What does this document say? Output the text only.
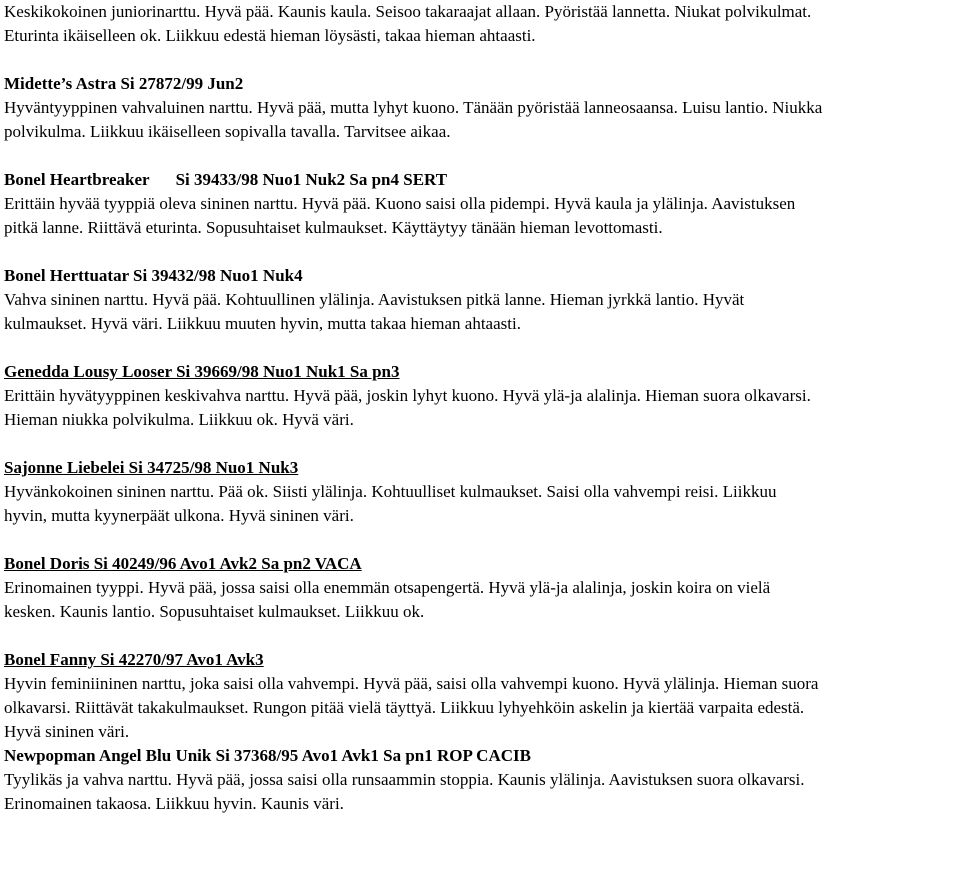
Keskikokoinen juniorinarttu. Hyvä pää. Kaunis kaula. Seisoo takaraajat allaan. Pyöristää lannetta. Niukat polvikulmat.

Eturinta ikäiselleen ok. Liikkuu edestä hieman löysästi, takaa hieman ahtaasti.

Midette’s Astra Si 27872/99 Jun2

Hyväntyyppinen vahvaluinen narttu. Hyvä pää, mutta lyhyt kuono. Tänään pyöristää lanneosaansa. Luisu lantio. Niukka

polvikulma. Liikkuu ikäiselleen sopivalla tavalla. Tarvitsee aikaa.

Bonel Heartbreaker Si 39433/98 Nuo1 Nuk2 Sa pn4 SERT

Erittäin hyvää tyyppiä oleva sininen narttu. Hyvä pää. Kuono saisi olla pidempi. Hyvä kaula ja ylälinja. Aavistuksen

pitkä lanne. Riittävä eturinta. Sopusuhtaiset kulmaukset. Käyttäytyy tänään hieman levottomasti.

Bonel Herttuatar Si 39432/98 Nuo1 Nuk4

Vahva sininen narttu. Hyvä pää. Kohtuullinen ylälinja. Aavistuksen pitkä lanne. Hieman jyrkkä lantio. Hyvät

kulmaukset. Hyvä väri. Liikkuu muuten hyvin, mutta takaa hieman ahtaasti.

Genedda Lousy Looser Si 39669/98 Nuo1 Nuk1 Sa pn3

Erittäin hyvätyyppinen keskivahva narttu. Hyvä pää, joskin lyhyt kuono. Hyvä ylä-ja alalinja. Hieman suora olkavarsi.

Hieman niukka polvikulma. Liikkuu ok. Hyvä väri.

Sajonne Liebelei Si 34725/98 Nuo1 Nuk3

Hyvänkokoinen sininen narttu. Pää ok. Siisti ylälinja. Kohtuulliset kulmaukset. Saisi olla vahvempi reisi. Liikkuu

hyvin, mutta kyynerpäät ulkona. Hyvä sininen väri.

Bonel Doris Si 40249/96 Avo1 Avk2 Sa pn2 VACA

Erinomainen tyyppi. Hyvä pää, jossa saisi olla enemmän otsapengertä. Hyvä ylä-ja alalinja, joskin koira on vielä

kesken. Kaunis lantio. Sopusuhtaiset kulmaukset. Liikkuu ok.

Bonel Fanny Si 42270/97 Avo1 Avk3

Hyvin feminiininen narttu, joka saisi olla vahvempi. Hyvä pää, saisi olla vahvempi kuono. Hyvä ylälinja. Hieman suora

olkavarsi. Riittävät takakulmaukset. Rungon pitää vielä täyttyä. Liikkuu lyhyehköin askelin ja kiertää varpaita edestä.

Hyvä sininen väri.

Newpopman Angel Blu Unik Si 37368/95 Avo1 Avk1 Sa pn1 ROP CACIB

Tyylikäs ja vahva narttu. Hyvä pää, jossa saisi olla runsaammin stoppia. Kaunis ylälinja. Aavistuksen suora olkavarsi.

Erinomainen takaosa. Liikkuu hyvin. Kaunis väri.
